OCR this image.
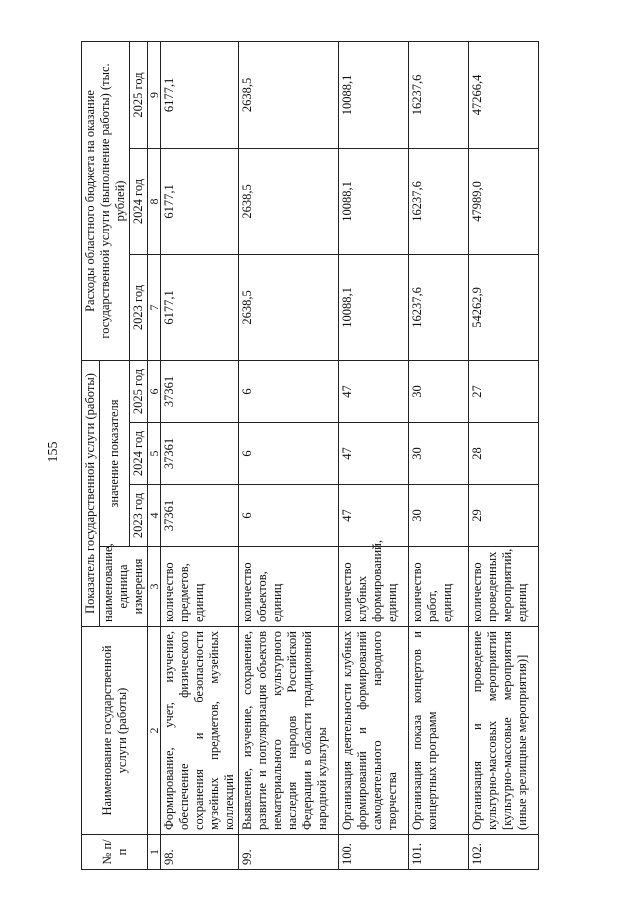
155
№ п/п	Наименование государственной услуги (работы)	Показатель государственной услуги (работы)				Расходы областного бюджета на оказание государственной услуги (выполнение работы) (тыс. рублей)		
		наименование, единица измерения	значение показателя					
			2023 год	2024 год	2025 год	2023 год	2024 год	2025 год
1	2	3	4	5	6	7	8	9
98.	Формирование, учет, изучение, обеспечение физического сохранения и безопасности музейных предметов, музейных коллекций	количество предметов, единиц	37361	37361	37361	6177,1	6177,1	6177,1
99.	Выявление, изучение, сохранение, развитие и популяризация объектов нематериального культурного наследия народов Российской Федерации в области традиционной народной культуры	количество объектов, единиц	6	6	6	2638,5	2638,5	2638,5
100.	Организация деятельности клубных формирований и формирований самодеятельного народного творчества	количество клубных формирований, единиц	47	47	47	10088,1	10088,1	10088,1
101.	Организация показа концертов и концертных программ	количество работ, единиц	30	30	30	16237,6	16237,6	16237,6
102.	Организация и проведение культурно-массовых мероприятий [культурно-массовые мероприятия (иные зрелищные мероприятия)]	количество проведенных мероприятий, единиц	29	28	27	54262,9	47989,0	47266,4
